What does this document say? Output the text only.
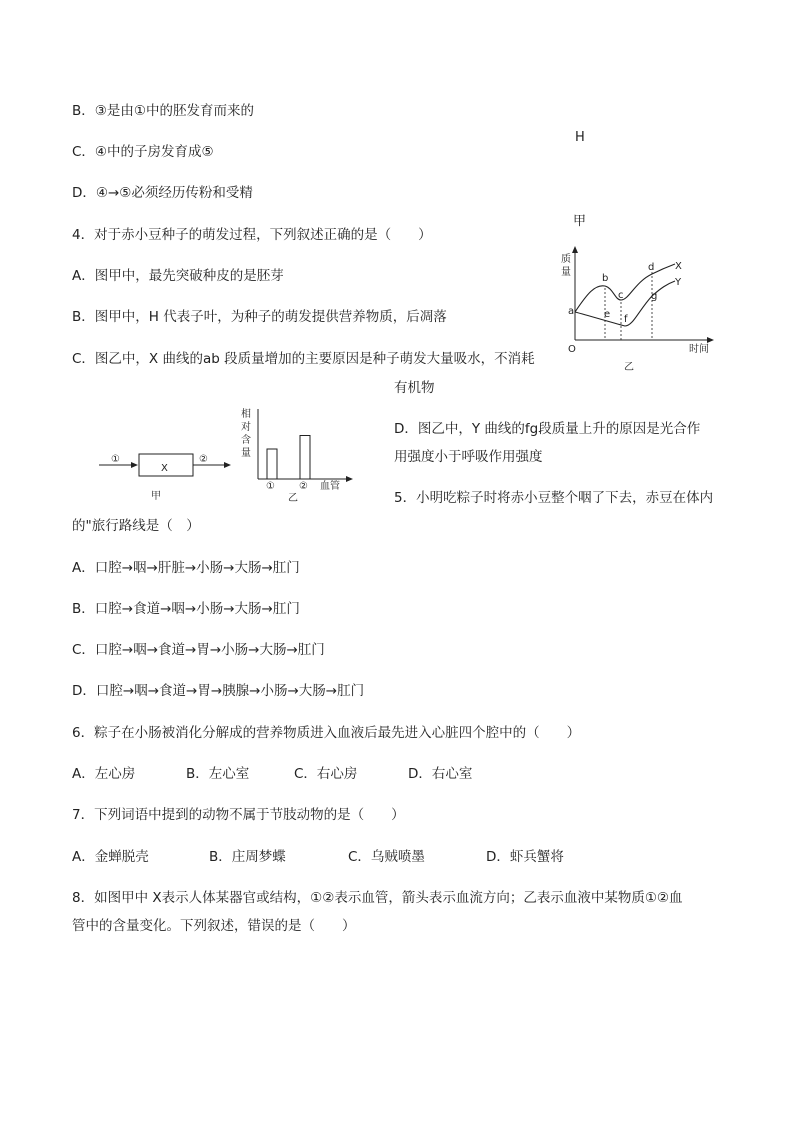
B．③是由①中的胚发育而来的
C．④中的子房发育成⑤
D．④→⑤必须经历传粉和受精
H
甲
4．对于赤小豆种子的萌发过程，下列叙述正确的是（　　）
A．图甲中，最先突破种皮的是胚芽
B．图甲中，H 代表子叶，为种子的萌发提供营养物质，后凋落
C．图乙中，X 曲线的ab 段质量增加的主要原因是种子萌发大量吸水，不消耗
有机物
D．图乙中，Y 曲线的fg段质量上升的原因是光合作
用强度小于呼吸作用强度
质
量
O	时间
乙
X
Y
a
b
c
d
e f
g
①	②
X
甲
相
对
含
量
① ② 血管
乙	5．小明吃粽子时将赤小豆整个咽了下去，赤豆在体内
的"旅行路线是（　）
A．口腔→咽→肝脏→小肠→大肠→肛门
B．口腔→食道→咽→小肠→大肠→肛门
C．口腔→咽→食道→胃→小肠→大肠→肛门
D．口腔→咽→食道→胃→胰腺→小肠→大肠→肛门
6．粽子在小肠被消化分解成的营养物质进入血液后最先进入心脏四个腔中的（　　）
A．左心房	B．左心室	C．右心房	D．右心室
7．下列词语中提到的动物不属于节肢动物的是（　　）
A．金蝉脱壳	B．庄周梦蝶	C．乌贼喷墨	D．虾兵蟹将
8．如图甲中 X表示人体某器官或结构，①②表示血管，箭头表示血流方向；乙表示血液中某物质①②血
管中的含量变化。下列叙述，错误的是（　　）
